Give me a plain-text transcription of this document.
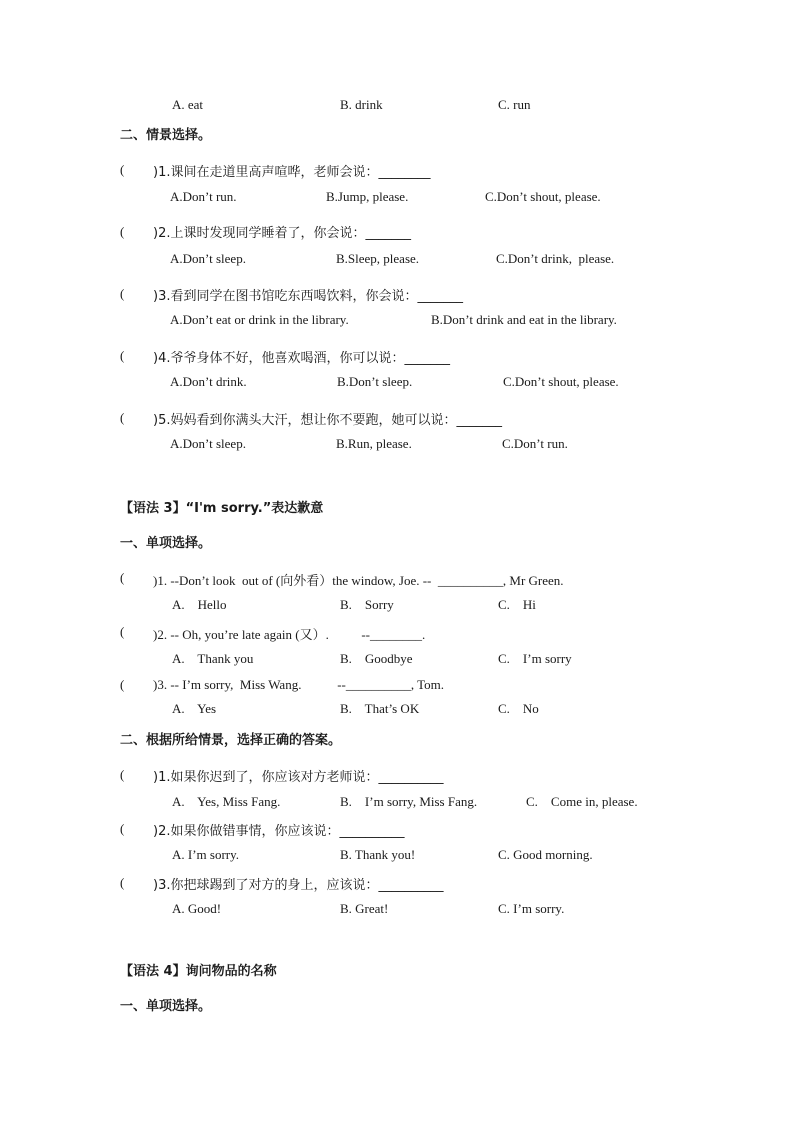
A. eat	B. drink	C. run
二、情景选择。
( )1.课间在走道里高声喧哗，老师会说：________
A.Don’t run.	B.Jump, please.	C.Don’t shout, please.
( )2.上课时发现同学睡着了，你会说：_______
A.Don’t sleep.	B.Sleep, please.	C.Don’t drink,  please.
( )3.看到同学在图书馆吃东西喝饮料，你会说：_______
A.Don’t eat or drink in the library.	B.Don’t drink and eat in the library.
( )4.爷爷身体不好，他喜欢喝酒，你可以说：_______
A.Don’t drink.	B.Don’t sleep.	C.Don’t shout, please.
( )5.妈妈看到你满头大汗，想让你不要跑，她可以说：_______
A.Don’t sleep.	B.Run, please.	C.Don’t run.
【语法 3】“I'm sorry.”表达歉意
一、单项选择。
( )1. --Don’t look  out of (向外看）the window, Joe. --  __________, Mr Green.
A.    Hello	B.    Sorry	C.    Hi
( )2. -- Oh, you’re late again (又）.          --________.
A.    Thank you	B.    Goodbye	C.    I’m sorry
( )3. -- I’m sorry,  Miss Wang.           --__________, Tom.
A.    Yes	B.    That’s OK	C.    No
二、根据所给情景，选择正确的答案。
( )1.如果你迟到了，你应该对方老师说：__________
A.    Yes, Miss Fang.	B.    I’m sorry, Miss Fang.	C.    Come in, please.
( )2.如果你做错事情，你应该说：__________
A. I’m sorry.	B. Thank you!	C. Good morning.
( )3.你把球踢到了对方的身上，应该说：__________
A. Good!	B. Great!	C. I’m sorry.
【语法 4】询问物品的名称
一、单项选择。
